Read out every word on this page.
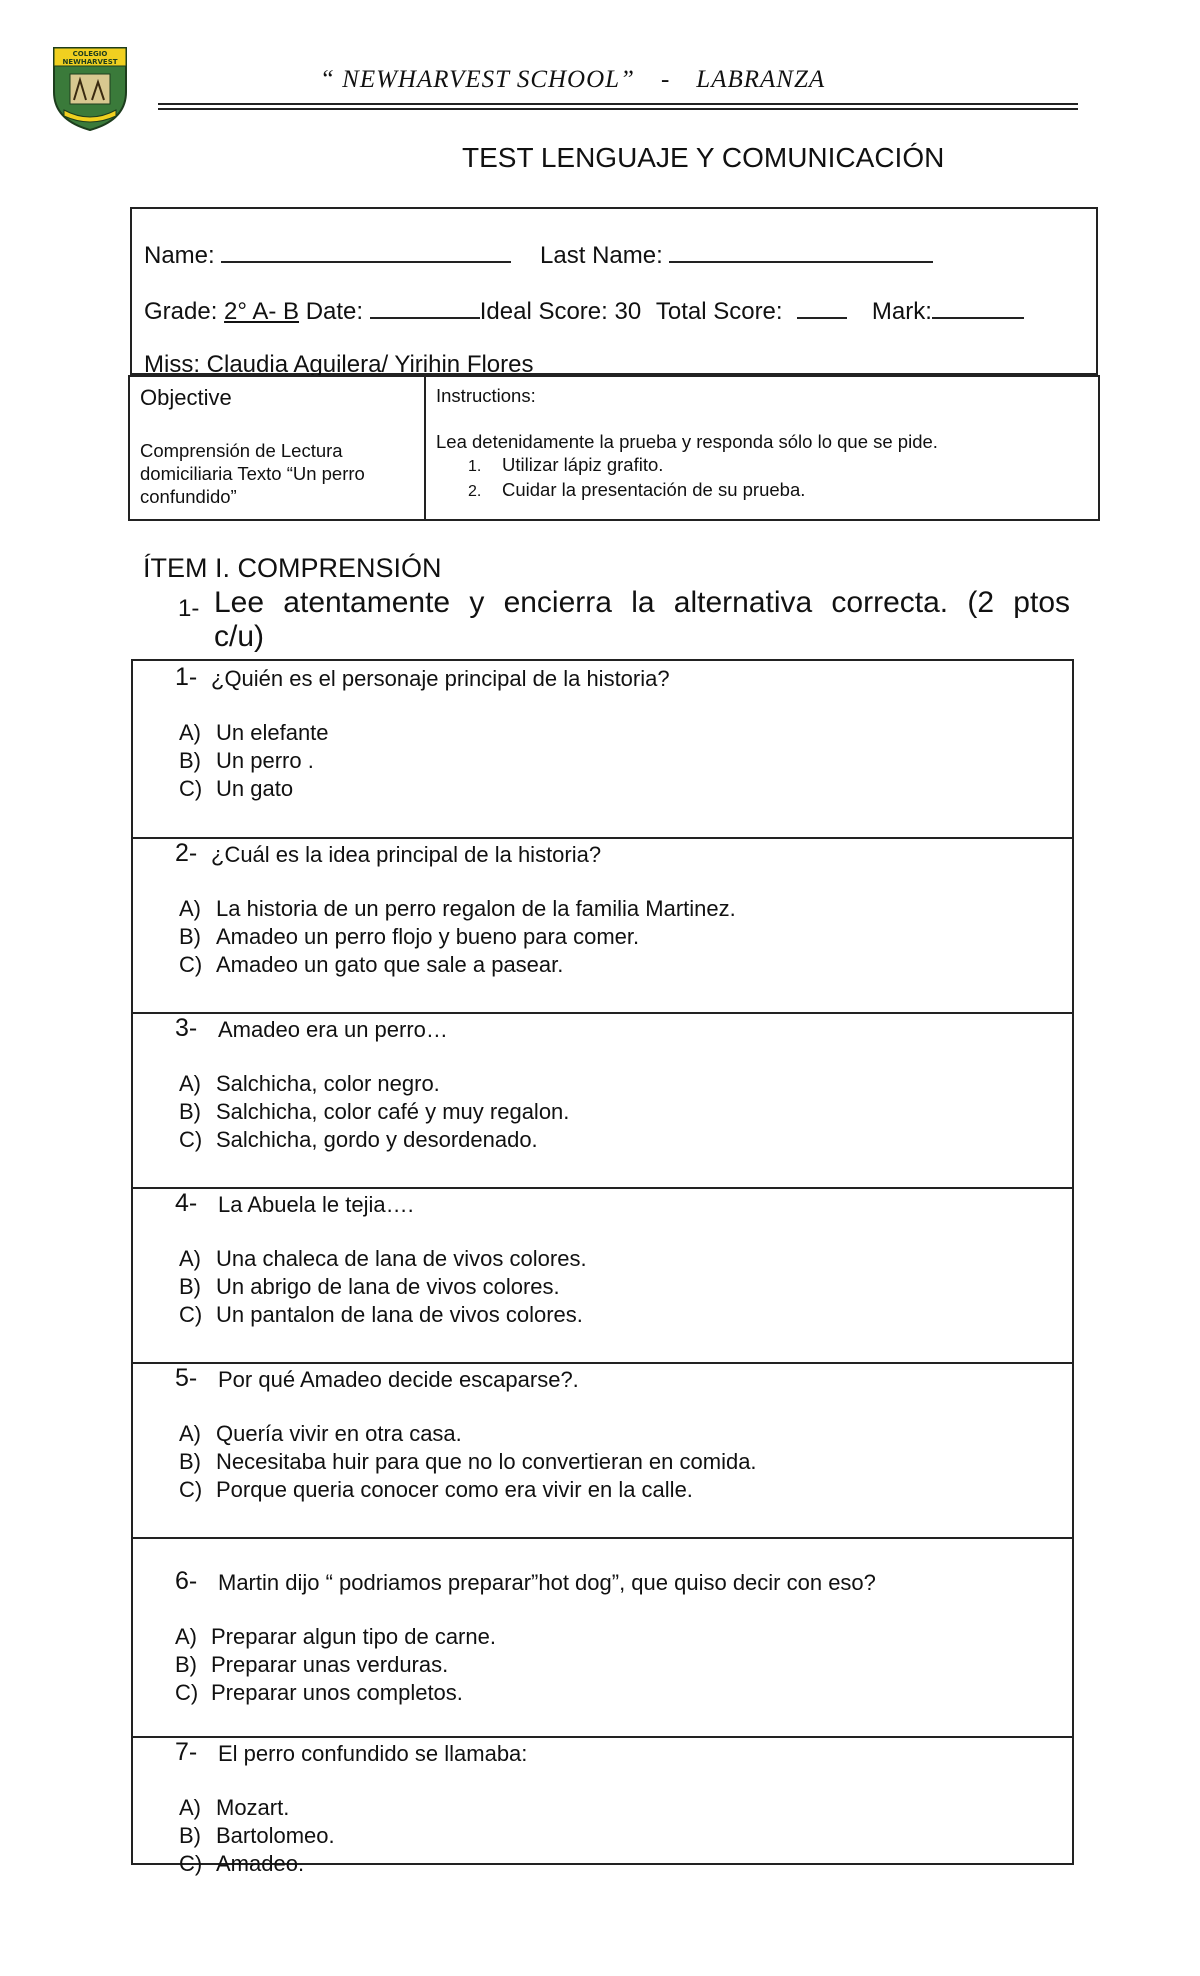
COLEGIO
NEWHARVEST
“ NEWHARVEST SCHOOL” - LABRANZA
TEST LENGUAJE Y COMUNICACIÓN
Name:	Last Name:
Grade: 2° A- B Date:	Ideal Score: 30 Total Score:	Mark:
Miss: Claudia Aguilera/ Yirihin Flores
Objective
Comprensión de Lectura domiciliaria Texto “Un perro confundido”
Instructions:
Lea detenidamente la prueba y responda sólo lo que se pide.
1. Utilizar lápiz grafito.
2. Cuidar la presentación de su prueba.
ÍTEM I. COMPRENSIÓN
1- Lee atentamente y encierra la alternativa correcta. (2 ptos
c/u)
1- ¿Quién es el personaje principal de la historia?
A) Un elefante
B) Un perro .
C) Un gato
2- ¿Cuál es la idea principal de la historia?
A) La historia de un perro regalon de la familia Martinez.
B) Amadeo un perro flojo y bueno para comer.
C) Amadeo un gato que sale a pasear.
3- Amadeo era un perro…
A) Salchicha, color negro.
B) Salchicha, color café y muy regalon.
C) Salchicha, gordo y desordenado.
4- La Abuela le tejia….
A) Una chaleca de lana de vivos colores.
B) Un abrigo de lana de vivos colores.
C) Un pantalon de lana de vivos colores.
5- Por qué Amadeo decide escaparse?.
A) Quería vivir en otra casa.
B) Necesitaba huir para que no lo convertieran en comida.
C) Porque queria conocer como era vivir en la calle.
6- Martin dijo “ podriamos preparar”hot dog”, que quiso decir con eso?
A) Preparar algun tipo de carne.
B) Preparar unas verduras.
C) Preparar unos completos.
7- El perro confundido se llamaba:
A) Mozart.
B) Bartolomeo.
C) Amadeo.
